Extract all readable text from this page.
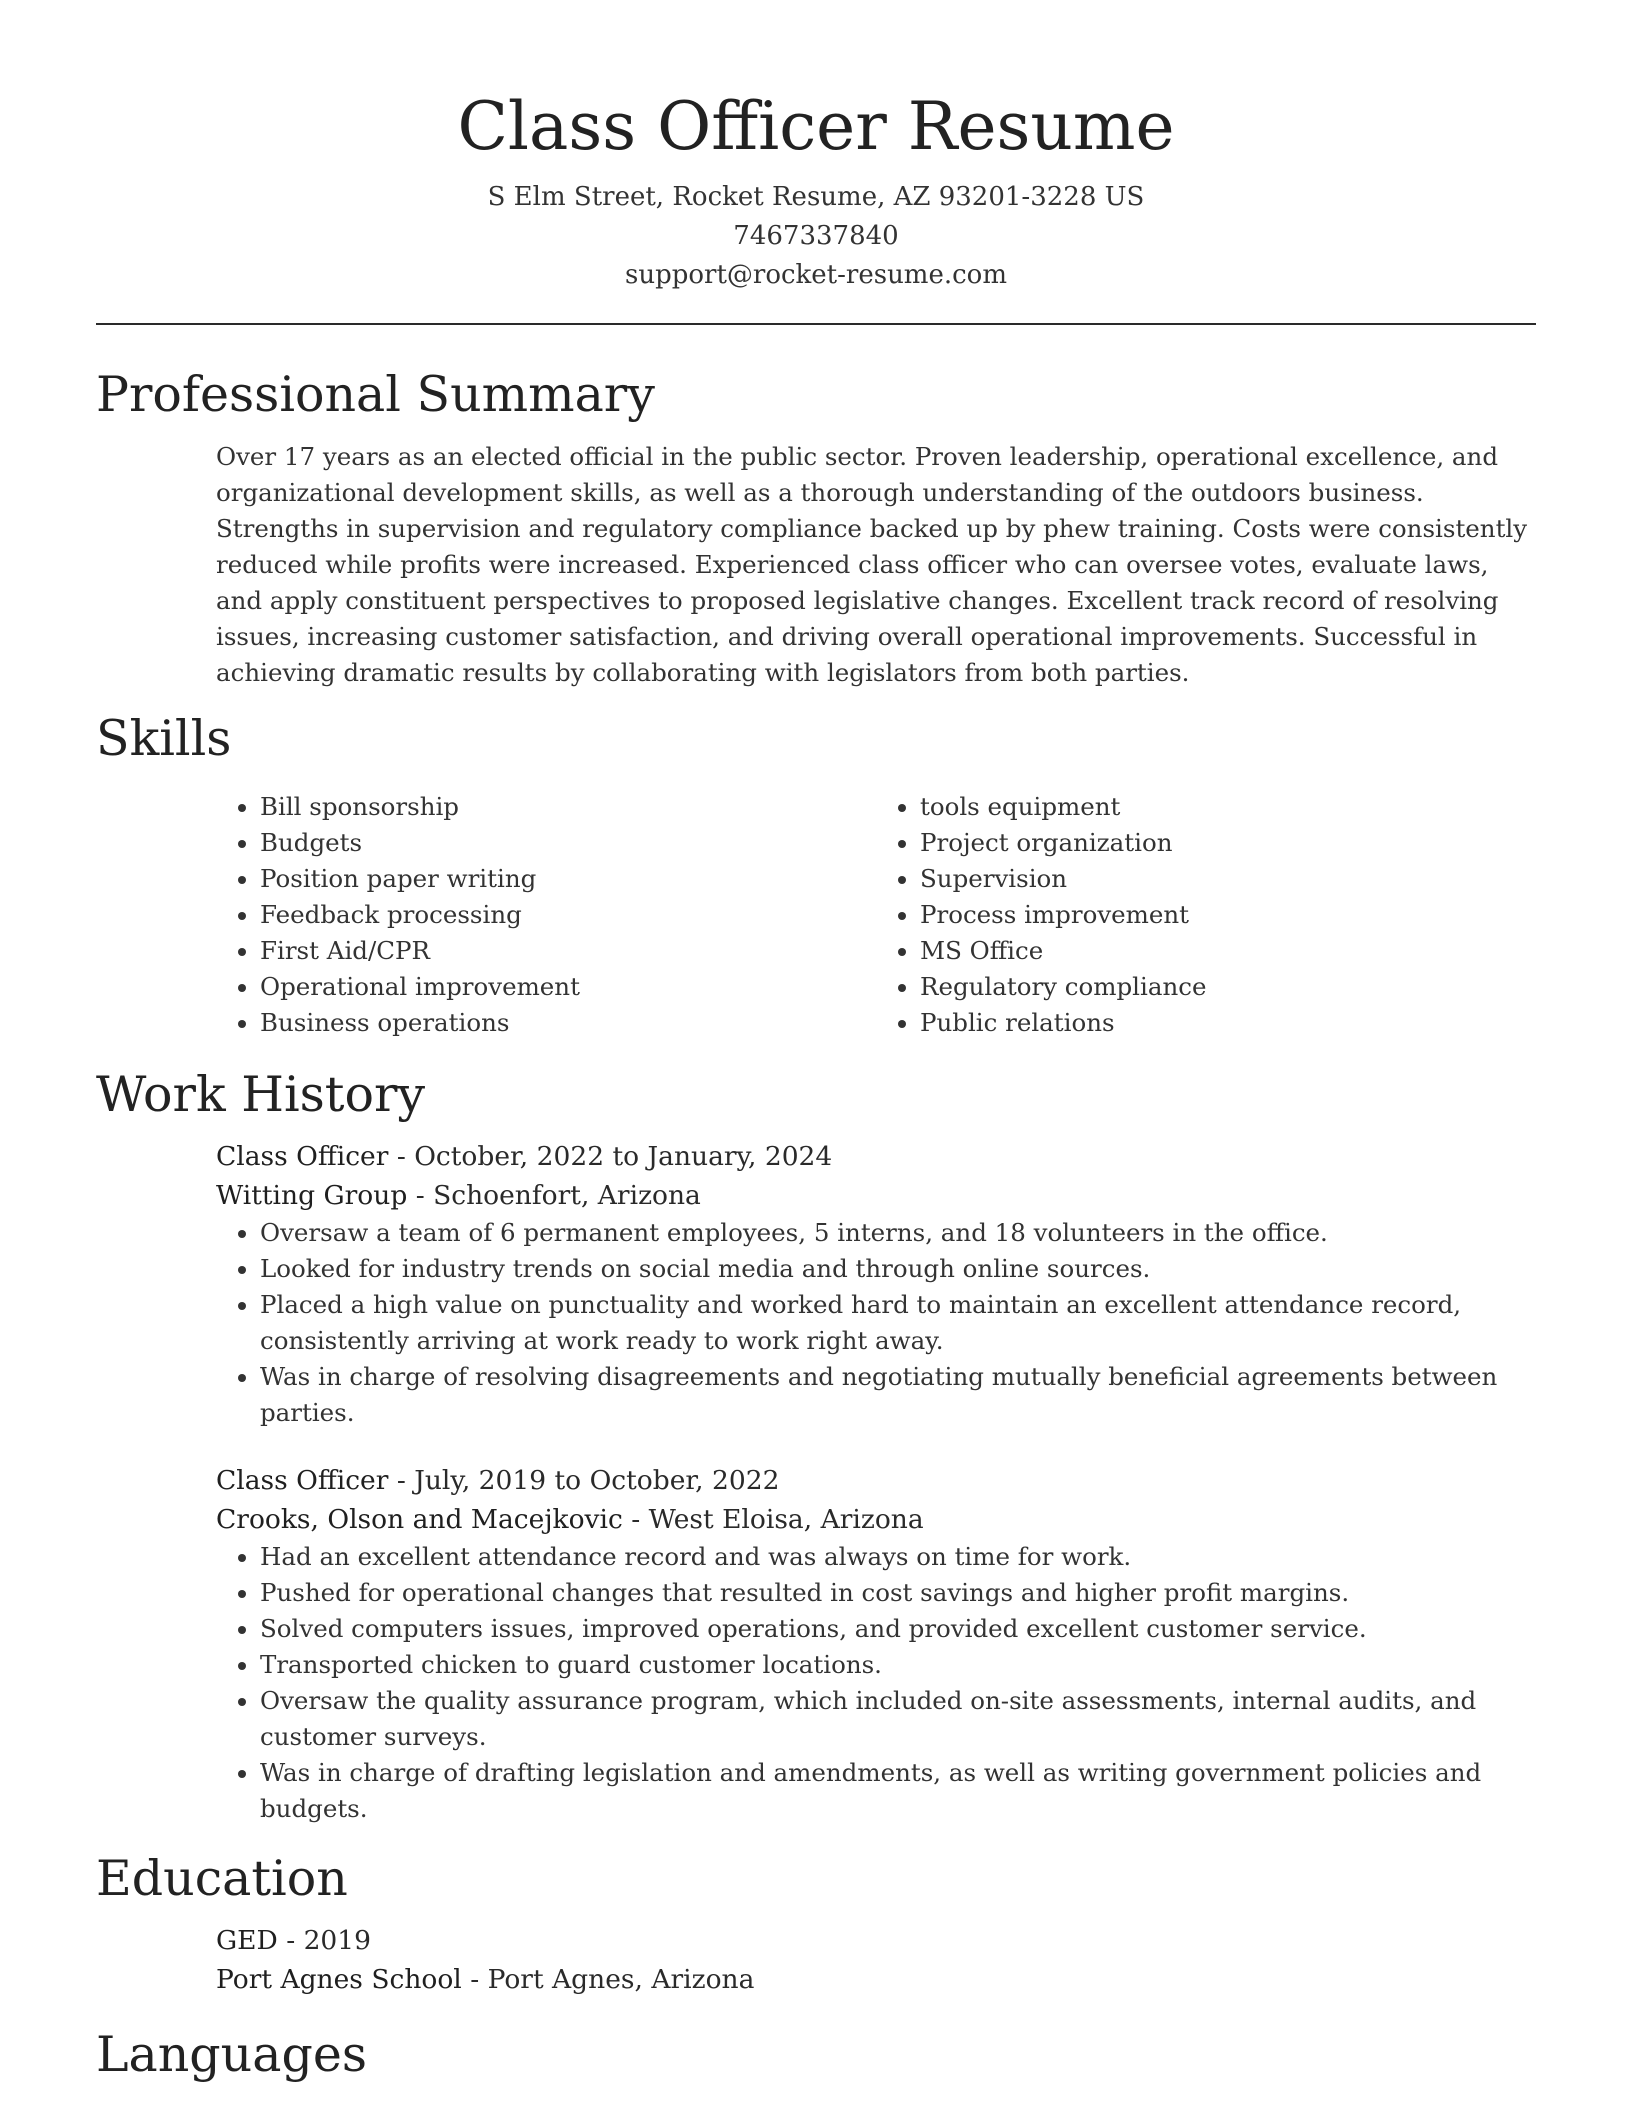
Class Officer Resume
S Elm Street, Rocket Resume, AZ 93201-3228 US
7467337840
support@rocket-resume.com
Professional Summary
Over 17 years as an elected official in the public sector. Proven leadership, operational excellence, and organizational development skills, as well as a thorough understanding of the outdoors business. Strengths in supervision and regulatory compliance backed up by phew training. Costs were consistently reduced while profits were increased. Experienced class officer who can oversee votes, evaluate laws, and apply constituent perspectives to proposed legislative changes. Excellent track record of resolving issues, increasing customer satisfaction, and driving overall operational improvements. Successful in achieving dramatic results by collaborating with legislators from both parties.
Skills
• Bill sponsorship
• Budgets
• Position paper writing
• Feedback processing
• First Aid/CPR
• Operational improvement
• Business operations
• tools equipment
• Project organization
• Supervision
• Process improvement
• MS Office
• Regulatory compliance
• Public relations
Work History
Class Officer - October, 2022 to January, 2024
Witting Group - Schoenfort, Arizona
• Oversaw a team of 6 permanent employees, 5 interns, and 18 volunteers in the office.
• Looked for industry trends on social media and through online sources.
• Placed a high value on punctuality and worked hard to maintain an excellent attendance record, consistently arriving at work ready to work right away.
• Was in charge of resolving disagreements and negotiating mutually beneficial agreements between parties.
Class Officer - July, 2019 to October, 2022
Crooks, Olson and Macejkovic - West Eloisa, Arizona
• Had an excellent attendance record and was always on time for work.
• Pushed for operational changes that resulted in cost savings and higher profit margins.
• Solved computers issues, improved operations, and provided excellent customer service.
• Transported chicken to guard customer locations.
• Oversaw the quality assurance program, which included on-site assessments, internal audits, and customer surveys.
• Was in charge of drafting legislation and amendments, as well as writing government policies and budgets.
Education
GED - 2019
Port Agnes School - Port Agnes, Arizona
Languages
